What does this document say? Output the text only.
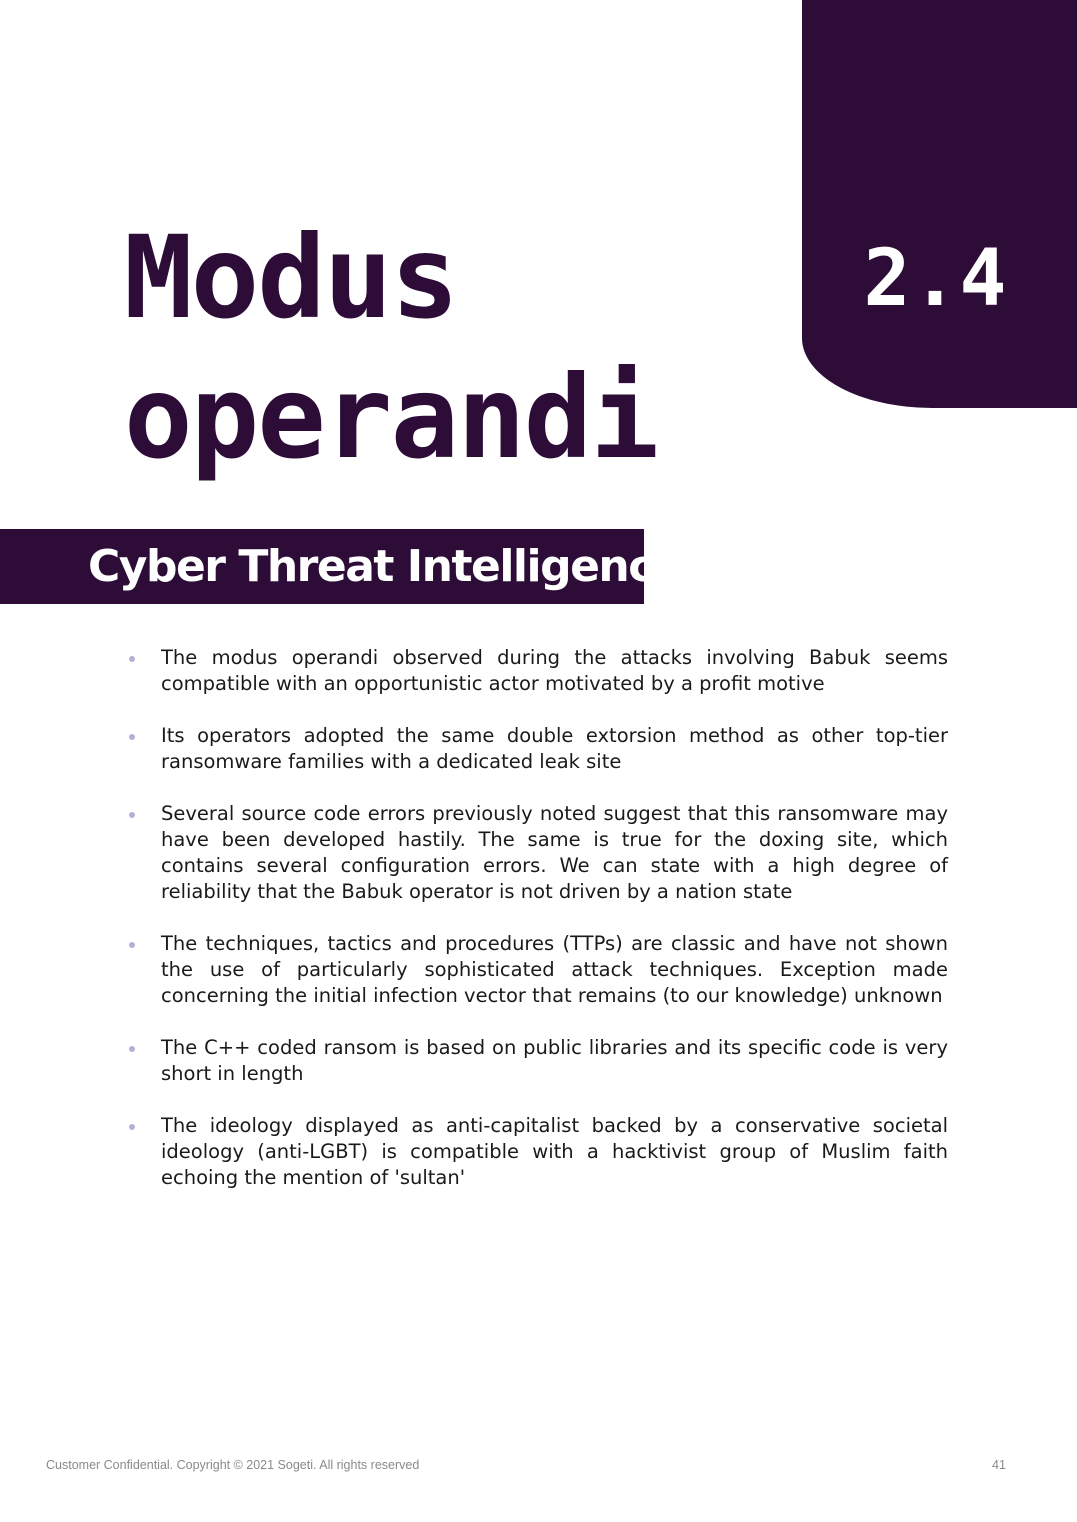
2.4
Modus
operandi
Cyber Threat Intelligence
The modus operandi observed during the attacks involving Babuk seems compatible with an opportunistic actor motivated by a profit motive
Its operators adopted the same double extorsion method as other top-tier ransomware families with a dedicated leak site
Several source code errors previously noted suggest that this ransomware may have been developed hastily. The same is true for the doxing site, which contains several configuration errors. We can state with a high degree of reliability that the Babuk operator is not driven by a nation state
The techniques, tactics and procedures (TTPs) are classic and have not shown the use of particularly sophisticated attack techniques. Exception made concerning the initial infection vector that remains (to our knowledge) unknown
The C++ coded ransom is based on public libraries and its specific code is very short in length
The ideology displayed as anti-capitalist backed by a conservative societal ideology (anti-LGBT) is compatible with a hacktivist group of Muslim faith echoing the mention of 'sultan'
Customer Confidential. Copyright © 2021 Sogeti. All rights reserved	41
